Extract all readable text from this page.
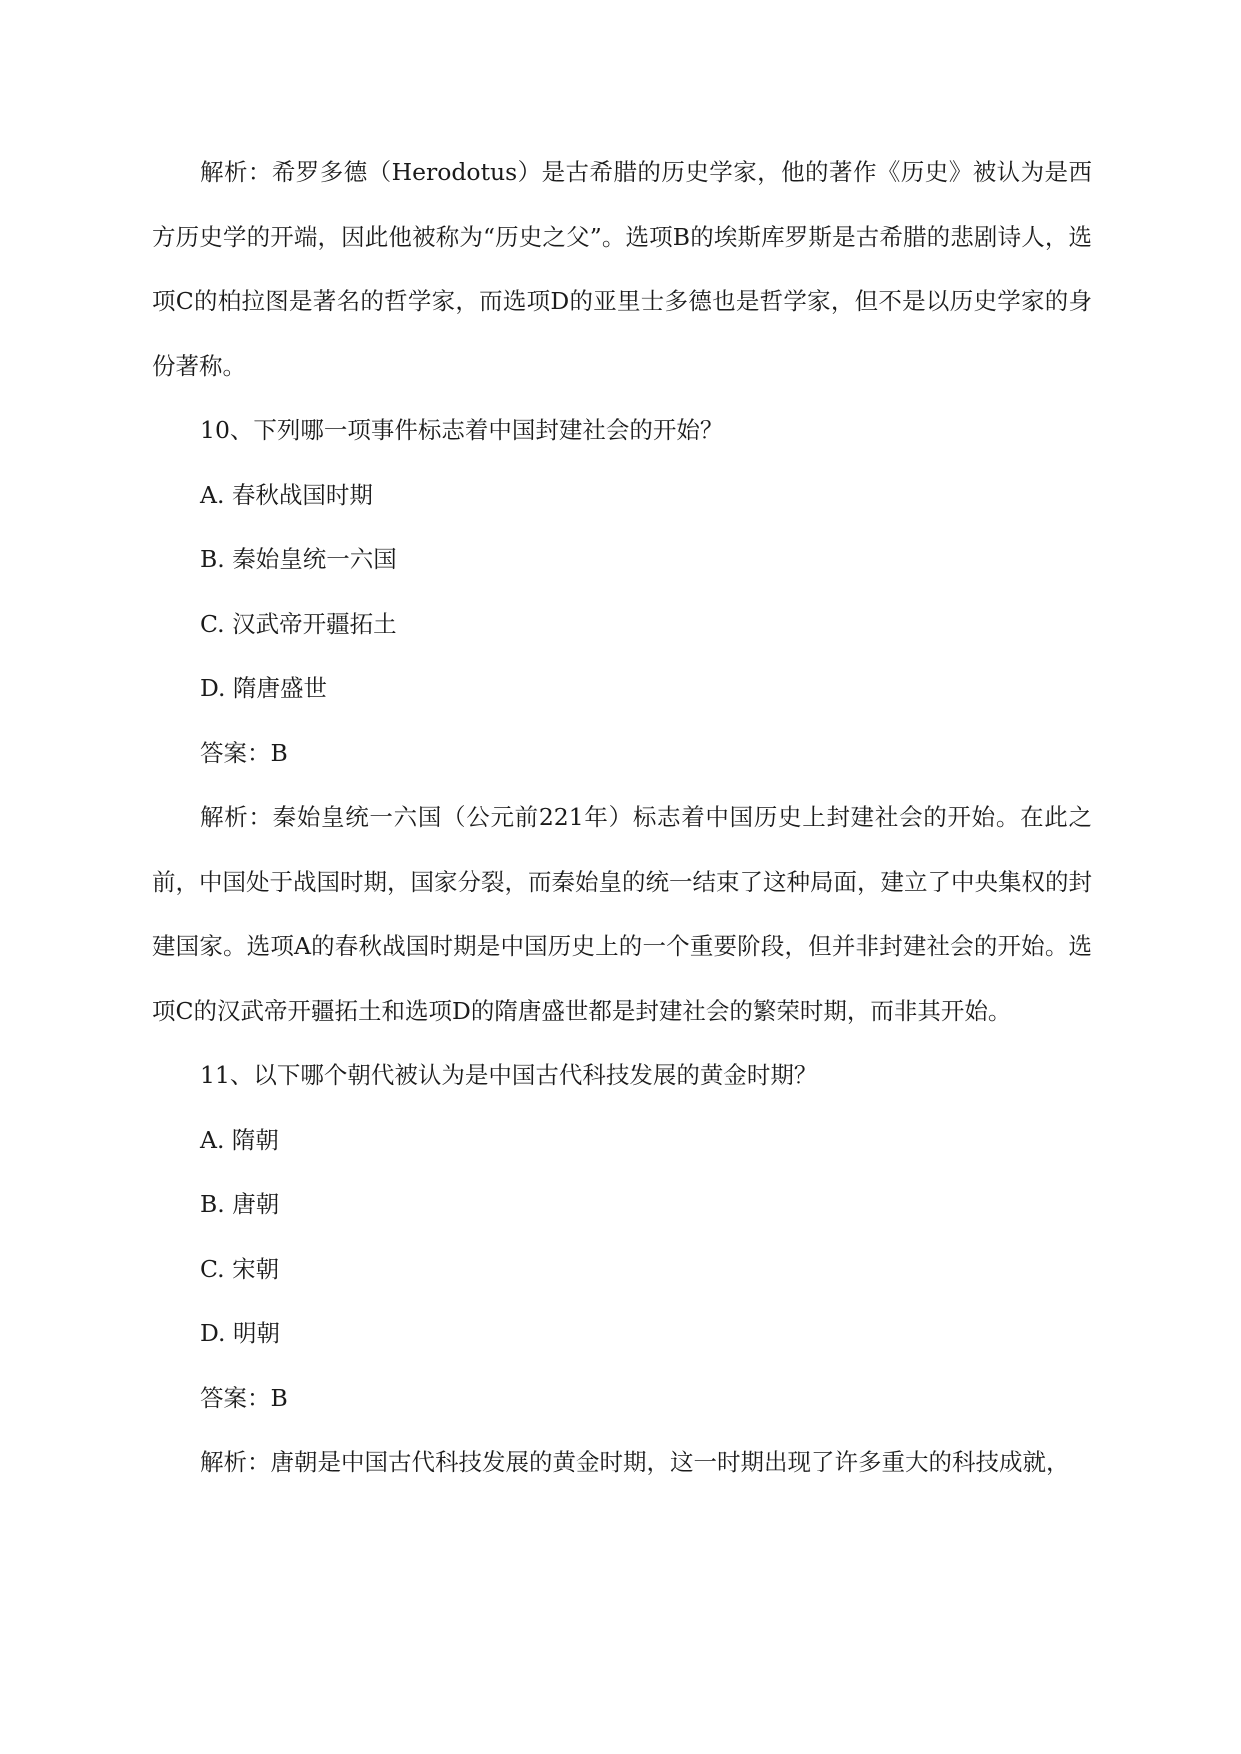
解析：希罗多德（Herodotus）是古希腊的历史学家，他的著作《历史》被认为是西方历史学的开端，因此他被称为“历史之父”。选项B的埃斯库罗斯是古希腊的悲剧诗人，选项C的柏拉图是著名的哲学家，而选项D的亚里士多德也是哲学家，但不是以历史学家的身份著称。

10、下列哪一项事件标志着中国封建社会的开始？

A. 春秋战国时期

B. 秦始皇统一六国

C. 汉武帝开疆拓土

D. 隋唐盛世

答案：B

解析：秦始皇统一六国（公元前221年）标志着中国历史上封建社会的开始。在此之前，中国处于战国时期，国家分裂，而秦始皇的统一结束了这种局面，建立了中央集权的封建国家。选项A的春秋战国时期是中国历史上的一个重要阶段，但并非封建社会的开始。选项C的汉武帝开疆拓土和选项D的隋唐盛世都是封建社会的繁荣时期，而非其开始。

11、以下哪个朝代被认为是中国古代科技发展的黄金时期？

A. 隋朝

B. 唐朝

C. 宋朝

D. 明朝

答案：B

解析：唐朝是中国古代科技发展的黄金时期，这一时期出现了许多重大的科技成就，
